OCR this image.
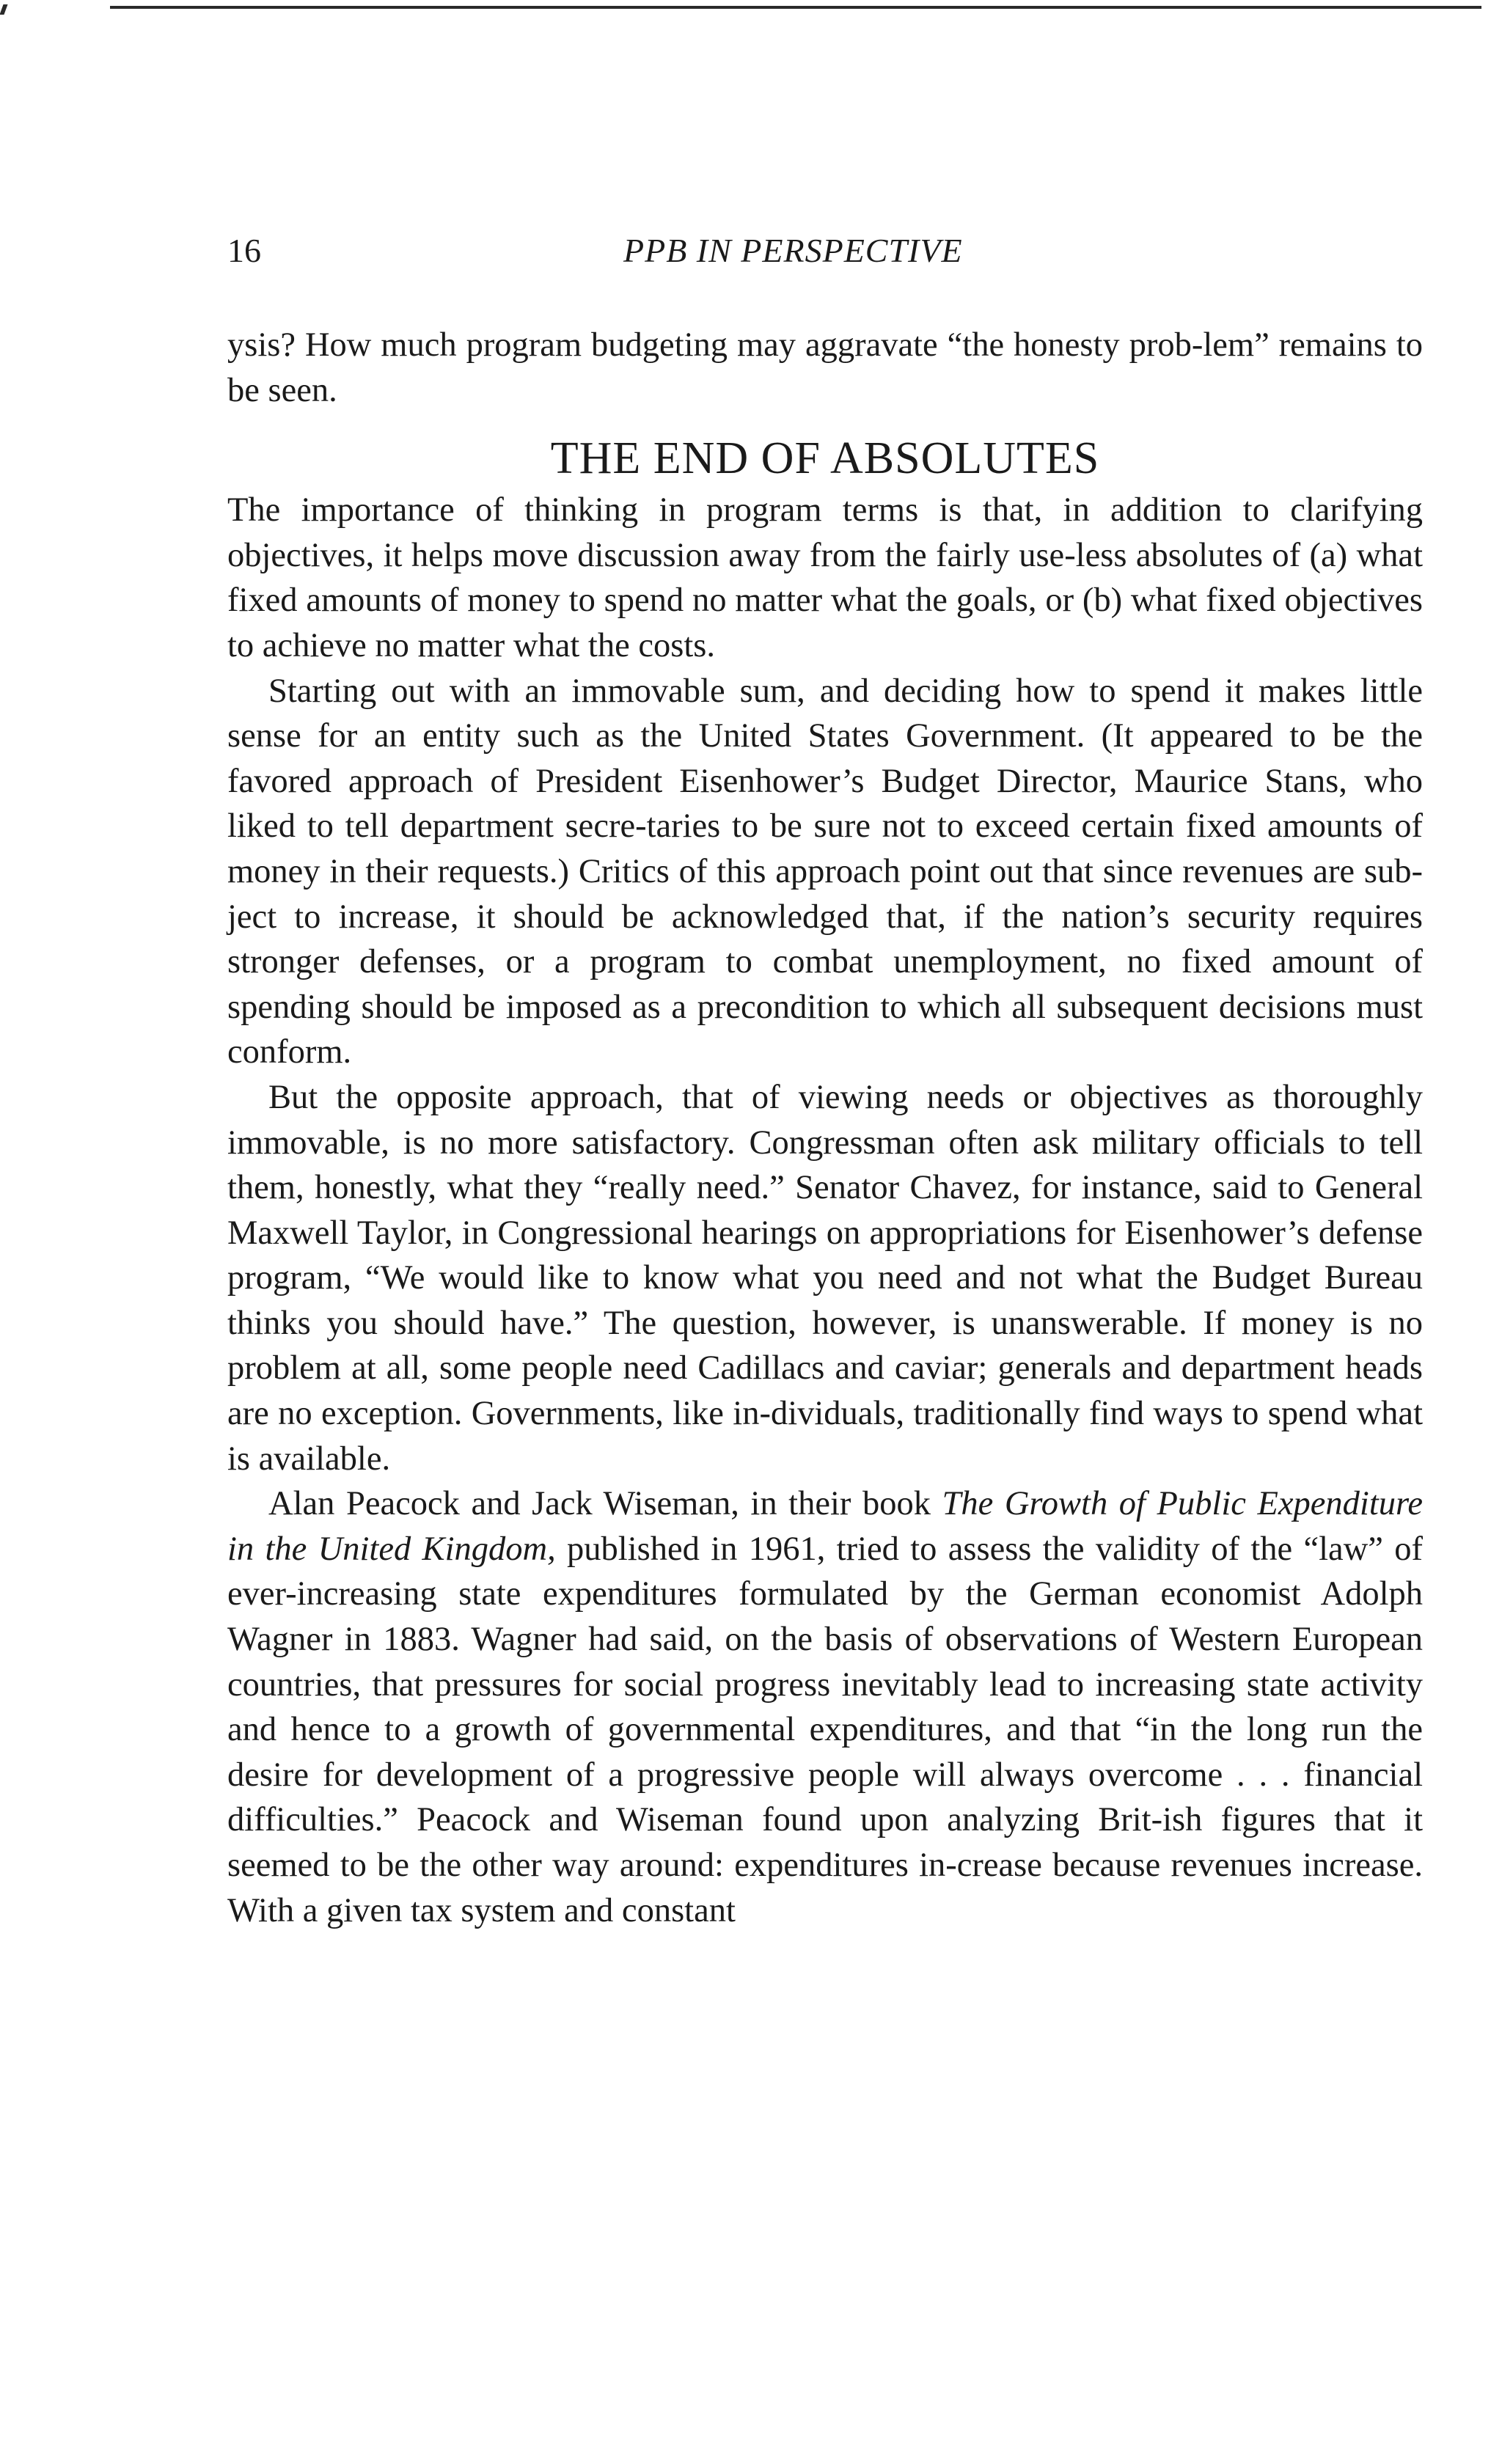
16	PPB IN PERSPECTIVE

ysis? How much program budgeting may aggravate “the honesty prob-lem” remains to be seen.

THE END OF ABSOLUTES

The importance of thinking in program terms is that, in addition to clarifying objectives, it helps move discussion away from the fairly use-less absolutes of (a) what fixed amounts of money to spend no matter what the goals, or (b) what fixed objectives to achieve no matter what the costs.

Starting out with an immovable sum, and deciding how to spend it makes little sense for an entity such as the United States Government. (It appeared to be the favored approach of President Eisenhower’s Budget Director, Maurice Stans, who liked to tell department secre-taries to be sure not to exceed certain fixed amounts of money in their requests.) Critics of this approach point out that since revenues are sub-ject to increase, it should be acknowledged that, if the nation’s security requires stronger defenses, or a program to combat unemployment, no fixed amount of spending should be imposed as a precondition to which all subsequent decisions must conform.

But the opposite approach, that of viewing needs or objectives as thoroughly immovable, is no more satisfactory. Congressman often ask military officials to tell them, honestly, what they “really need.” Senator Chavez, for instance, said to General Maxwell Taylor, in Congressional hearings on appropriations for Eisenhower’s defense program, “We would like to know what you need and not what the Budget Bureau thinks you should have.” The question, however, is unanswerable. If money is no problem at all, some people need Cadillacs and caviar; generals and department heads are no exception. Governments, like in-dividuals, traditionally find ways to spend what is available.

Alan Peacock and Jack Wiseman, in their book The Growth of Public Expenditure in the United Kingdom, published in 1961, tried to assess the validity of the “law” of ever-increasing state expenditures formulated by the German economist Adolph Wagner in 1883. Wagner had said, on the basis of observations of Western European countries, that pressures for social progress inevitably lead to increasing state activity and hence to a growth of governmental expenditures, and that “in the long run the desire for development of a progressive people will always overcome . . . financial difficulties.” Peacock and Wiseman found upon analyzing Brit-ish figures that it seemed to be the other way around: expenditures in-crease because revenues increase. With a given tax system and constant
